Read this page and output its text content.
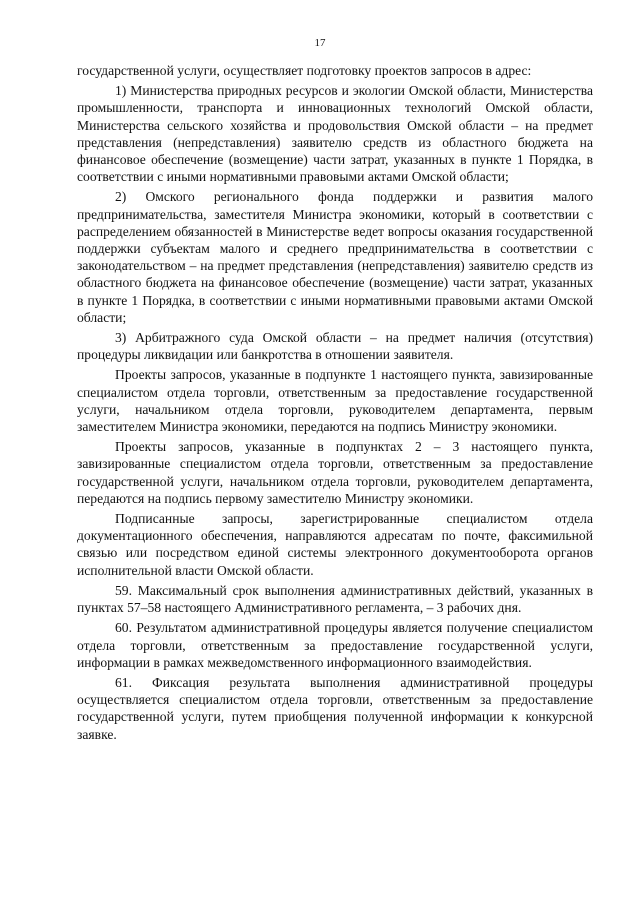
17

государственной услуги, осуществляет подготовку проектов запросов в адрес:

1) Министерства природных ресурсов и экологии Омской области, Министерства промышленности, транспорта и инновационных технологий Омской области, Министерства сельского хозяйства и продовольствия Омской области – на предмет представления (непредставления) заявителю средств из областного бюджета на финансовое обеспечение (возмещение) части затрат, указанных в пункте 1 Порядка, в соответствии с иными нормативными правовыми актами Омской области;

2) Омского регионального фонда поддержки и развития малого предпринимательства, заместителя Министра экономики, который в соответствии с распределением обязанностей в Министерстве ведет вопросы оказания государственной поддержки субъектам малого и среднего предпринимательства в соответствии с законодательством – на предмет представления (непредставления) заявителю средств из областного бюджета на финансовое обеспечение (возмещение) части затрат, указанных в пункте 1 Порядка, в соответствии с иными нормативными правовыми актами Омской области;

3) Арбитражного суда Омской области – на предмет наличия (отсутствия) процедуры ликвидации или банкротства в отношении заявителя.

Проекты запросов, указанные в подпункте 1 настоящего пункта, завизированные специалистом отдела торговли, ответственным за предоставление государственной услуги, начальником отдела торговли, руководителем департамента, первым заместителем Министра экономики, передаются на подпись Министру экономики.

Проекты запросов, указанные в подпунктах 2 – 3 настоящего пункта, завизированные специалистом отдела торговли, ответственным за предоставление государственной услуги, начальником отдела торговли, руководителем департамента, передаются на подпись первому заместителю Министру экономики.

Подписанные запросы, зарегистрированные специалистом отдела документационного обеспечения, направляются адресатам по почте, факсимильной связью или посредством единой системы электронного документооборота органов исполнительной власти Омской области.

59. Максимальный срок выполнения административных действий, указанных в пунктах 57–58 настоящего Административного регламента, – 3 рабочих дня.

60. Результатом административной процедуры является получение специалистом отдела торговли, ответственным за предоставление государственной услуги, информации в рамках межведомственного информационного взаимодействия.

61. Фиксация результата выполнения административной процедуры осуществляется специалистом отдела торговли, ответственным за предоставление государственной услуги, путем приобщения полученной информации к конкурсной заявке.
